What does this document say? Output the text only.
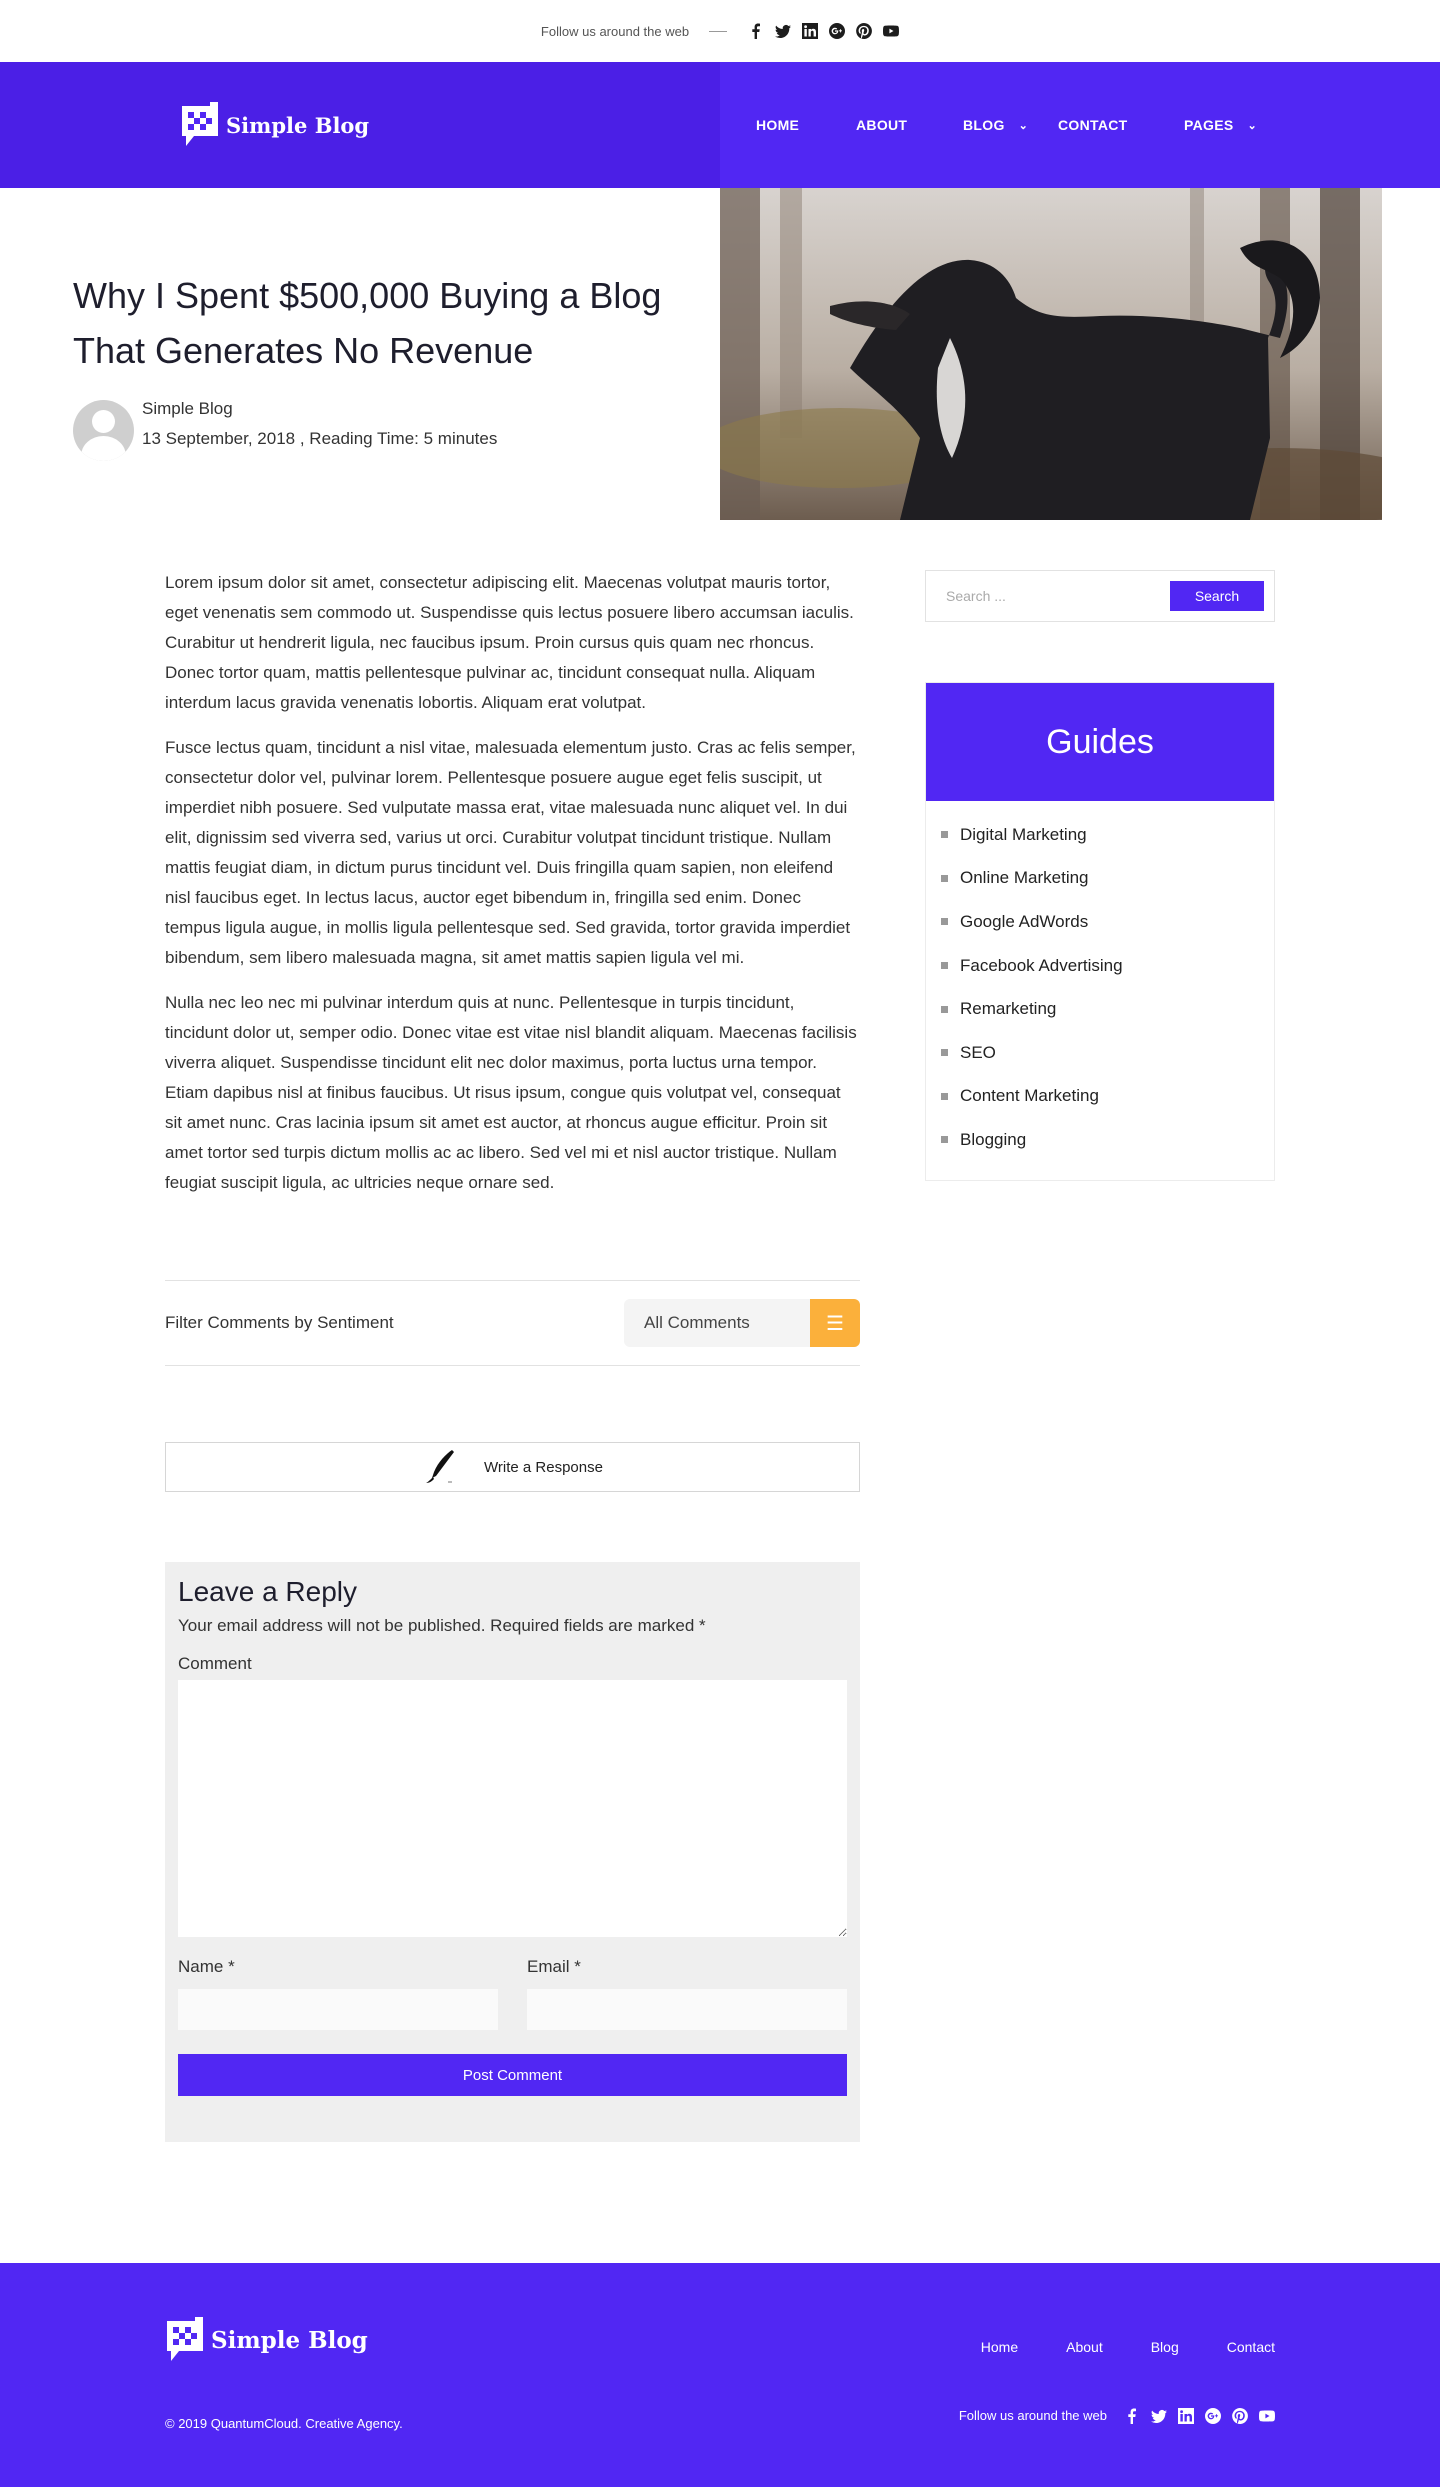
Follow us around the web
Simple Blog	HOME	ABOUT	BLOG ⌄ CONTACT	PAGES ⌄
Why I Spent $500,000 Buying a Blog That Generates No Revenue
Simple Blog
13 September, 2018 , Reading Time: 5 minutes

Lorem ipsum dolor sit amet, consectetur adipiscing elit. Maecenas volutpat mauris tortor, eget venenatis sem commodo ut. Suspendisse quis lectus posuere libero accumsan iaculis. Curabitur ut hendrerit ligula, nec faucibus ipsum. Proin cursus quis quam nec rhoncus. Donec tortor quam, mattis pellentesque pulvinar ac, tincidunt consequat nulla. Aliquam interdum lacus gravida venenatis lobortis. Aliquam erat volutpat.

Fusce lectus quam, tincidunt a nisl vitae, malesuada elementum justo. Cras ac felis semper, consectetur dolor vel, pulvinar lorem. Pellentesque posuere augue eget felis suscipit, ut imperdiet nibh posuere. Sed vulputate massa erat, vitae malesuada nunc aliquet vel. In dui elit, dignissim sed viverra sed, varius ut orci. Curabitur volutpat tincidunt tristique. Nullam mattis feugiat diam, in dictum purus tincidunt vel. Duis fringilla quam sapien, non eleifend nisl faucibus eget. In lectus lacus, auctor eget bibendum in, fringilla sed enim. Donec tempus ligula augue, in mollis ligula pellentesque sed. Sed gravida, tortor gravida imperdiet bibendum, sem libero malesuada magna, sit amet mattis sapien ligula vel mi.

Nulla nec leo nec mi pulvinar interdum quis at nunc. Pellentesque in turpis tincidunt, tincidunt dolor ut, semper odio. Donec vitae est vitae nisl blandit aliquam. Maecenas facilisis viverra aliquet. Suspendisse tincidunt elit nec dolor maximus, porta luctus urna tempor. Etiam dapibus nisl at finibus faucibus. Ut risus ipsum, congue quis volutpat vel, consequat sit amet nunc. Cras lacinia ipsum sit amet est auctor, at rhoncus augue efficitur. Proin sit amet tortor sed turpis dictum mollis ac ac libero. Sed vel mi et nisl auctor tristique. Nullam feugiat suscipit ligula, ac ultricies neque ornare sed.

Filter Comments by Sentiment	All Comments	☰
Write a Response
Leave a Reply

Your email address will not be published. Required fields are marked *

Comment
Name *	Email *
Post Comment
Search ...
Search
Guides
Digital Marketing
Online Marketing
Google AdWords
Facebook Advertising
Remarketing
SEO
Content Marketing
Blogging
Simple Blog	Home	About	Blog	Contact
© 2019 QuantumCloud. Creative Agency.
Follow us around the web
